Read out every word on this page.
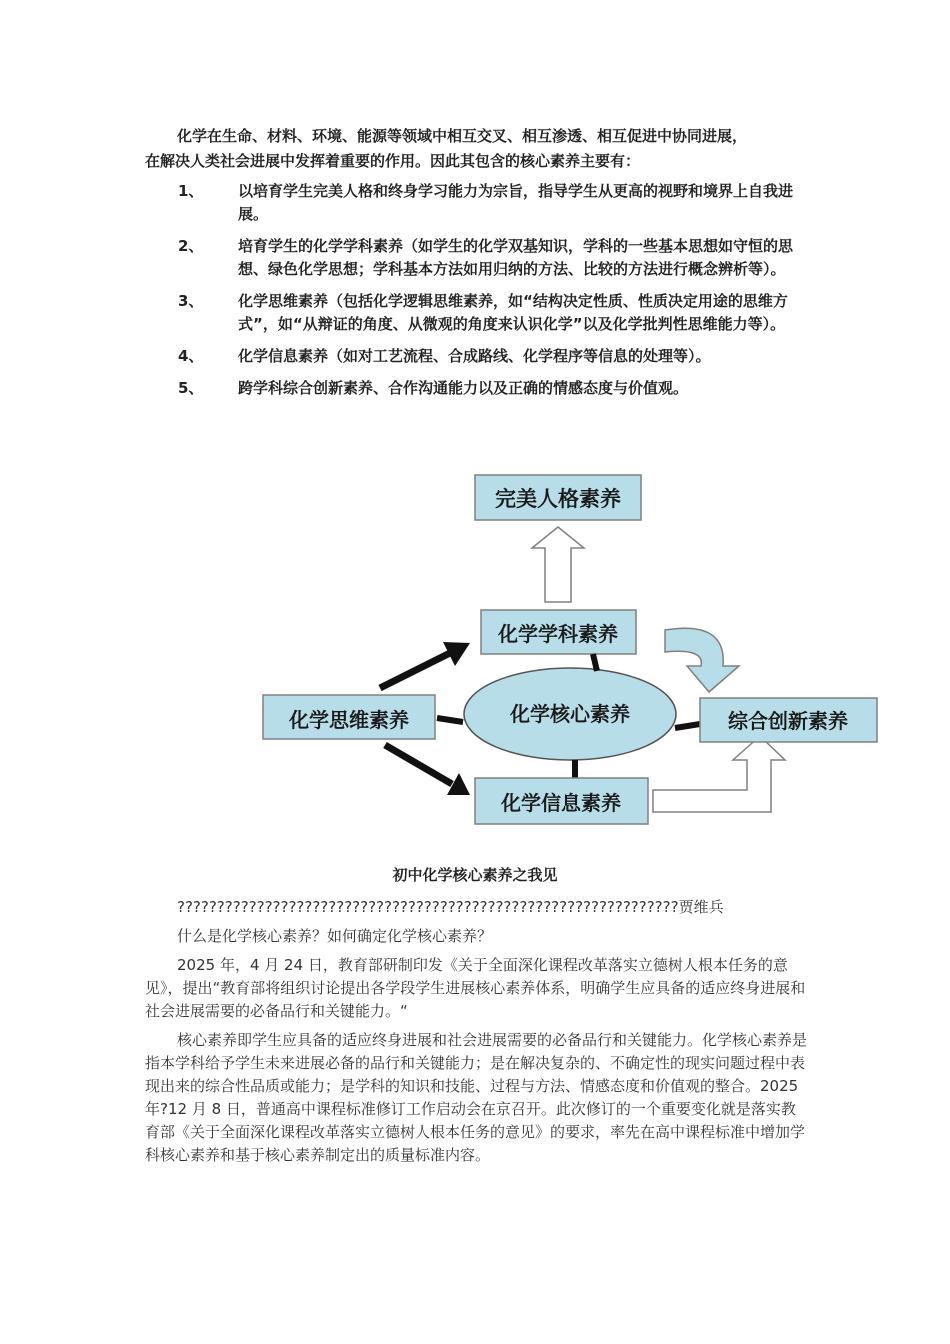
化学在生命、材料、环境、能源等领域中相互交叉、相互渗透、相互促进中协同进展，
在解决人类社会进展中发挥着重要的作用。因此其包含的核心素养主要有：
1、	以培育学生完美人格和终身学习能力为宗旨，指导学生从更高的视野和境界上自我进展。
2、	培育学生的化学学科素养（如学生的化学双基知识，学科的一些基本思想如守恒的思想、绿色化学思想；学科基本方法如用归纳的方法、比较的方法进行概念辨析等）。
3、	化学思维素养（包括化学逻辑思维素养，如“结构决定性质、性质决定用途的思维方式”，如“从辩证的角度、从微观的角度来认识化学”以及化学批判性思维能力等）。
4、	化学信息素养（如对工艺流程、合成路线、化学程序等信息的处理等）。
5、	跨学科综合创新素养、合作沟通能力以及正确的情感态度与价值观。
完美人格素养
化学学科素养
化学核心素养
化学思维素养
化学信息素养
综合创新素养
初中化学核心素养之我见

???????????????????????????????????????????????????????????????贾维兵

什么是化学核心素养？如何确定化学核心素养？

2025 年，4 月 24 日，教育部研制印发《关于全面深化课程改革落实立德树人根本任务的意见》，提出“教育部将组织讨论提出各学段学生进展核心素养体系，明确学生应具备的适应终身进展和社会进展需要的必备品行和关键能力。“

核心素养即学生应具备的适应终身进展和社会进展需要的必备品行和关键能力。化学核心素养是指本学科给予学生未来进展必备的品行和关键能力；是在解决复杂的、不确定性的现实问题过程中表现出来的综合性品质或能力；是学科的知识和技能、过程与方法、情感态度和价值观的整合。2025 年?12 月 8 日，普通高中课程标准修订工作启动会在京召开。此次修订的一个重要变化就是落实教育部《关于全面深化课程改革落实立德树人根本任务的意见》的要求，率先在高中课程标准中增加学科核心素养和基于核心素养制定出的质量标准内容。
